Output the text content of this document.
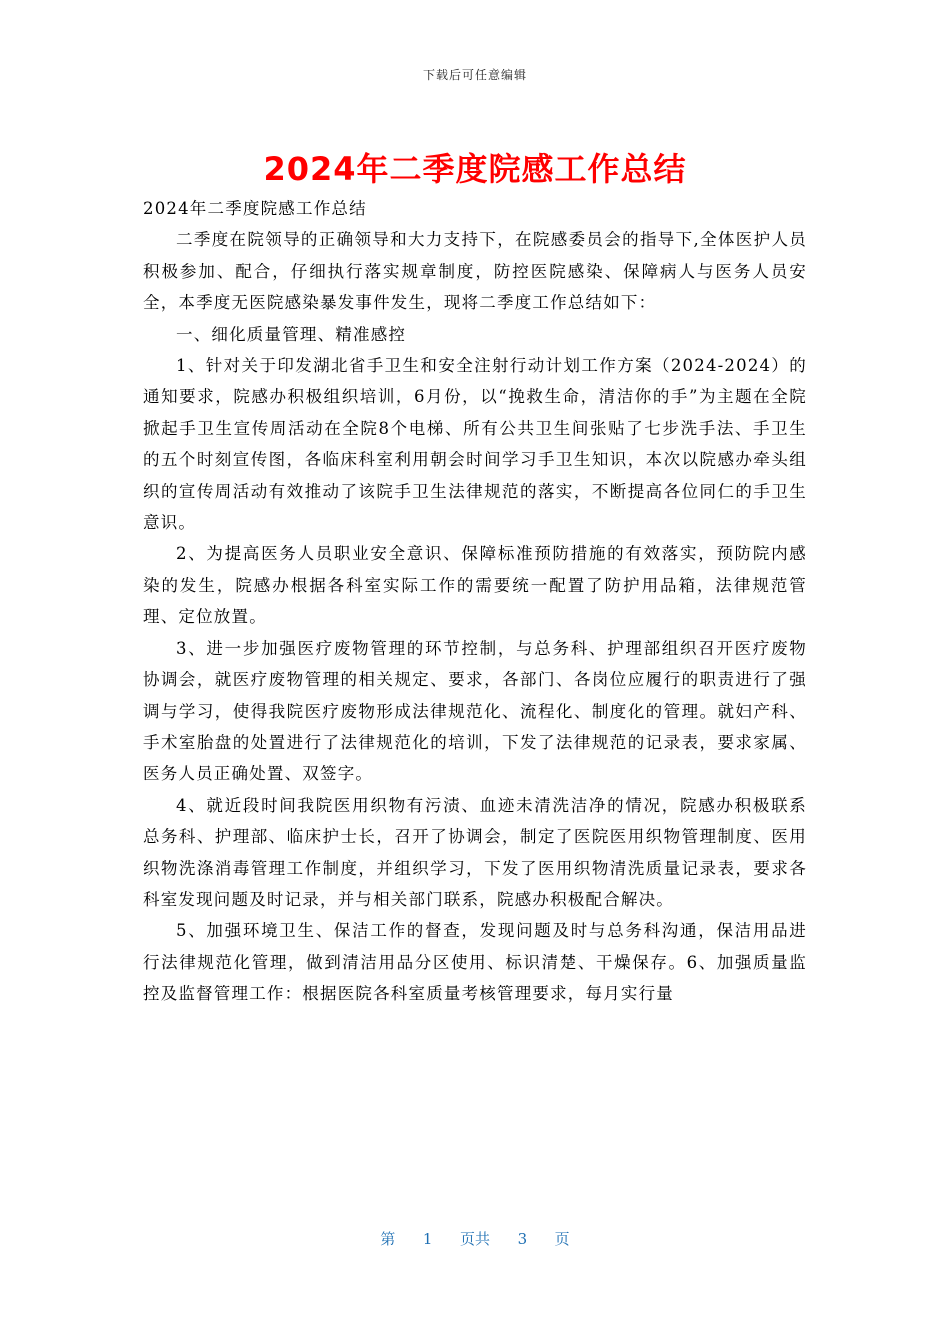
下载后可任意编辑
2024年二季度院感工作总结

2024年二季度院感工作总结

二季度在院领导的正确领导和大力支持下，在院感委员会的指导下,全体医护人员积极参加、配合，仔细执行落实规章制度，防控医院感染、保障病人与医务人员安全，本季度无医院感染暴发事件发生，现将二季度工作总结如下：

一、细化质量管理、精准感控

1、针对关于印发湖北省手卫生和安全注射行动计划工作方案（2024-2024）的通知要求，院感办积极组织培训，6月份，以“挽救生命，清洁你的手”为主题在全院掀起手卫生宣传周活动在全院8个电梯、所有公共卫生间张贴了七步洗手法、手卫生的五个时刻宣传图，各临床科室利用朝会时间学习手卫生知识，本次以院感办牵头组织的宣传周活动有效推动了该院手卫生法律规范的落实，不断提高各位同仁的手卫生意识。

2、为提高医务人员职业安全意识、保障标准预防措施的有效落实，预防院内感染的发生，院感办根据各科室实际工作的需要统一配置了防护用品箱，法律规范管理、定位放置。

3、进一步加强医疗废物管理的环节控制，与总务科、护理部组织召开医疗废物协调会，就医疗废物管理的相关规定、要求，各部门、各岗位应履行的职责进行了强调与学习，使得我院医疗废物形成法律规范化、流程化、制度化的管理。就妇产科、手术室胎盘的处置进行了法律规范化的培训，下发了法律规范的记录表，要求家属、医务人员正确处置、双签字。

4、就近段时间我院医用织物有污渍、血迹未清洗洁净的情况，院感办积极联系总务科、护理部、临床护士长，召开了协调会，制定了医院医用织物管理制度、医用织物洗涤消毒管理工作制度，并组织学习，下发了医用织物清洗质量记录表，要求各科室发现问题及时记录，并与相关部门联系，院感办积极配合解决。

5、加强环境卫生、保洁工作的督查，发现问题及时与总务科沟通，保洁用品进行法律规范化管理，做到清洁用品分区使用、标识清楚、干燥保存。6、加强质量监控及监督管理工作：根据医院各科室质量考核管理要求，每月实行量

第 1 页共 3 页
